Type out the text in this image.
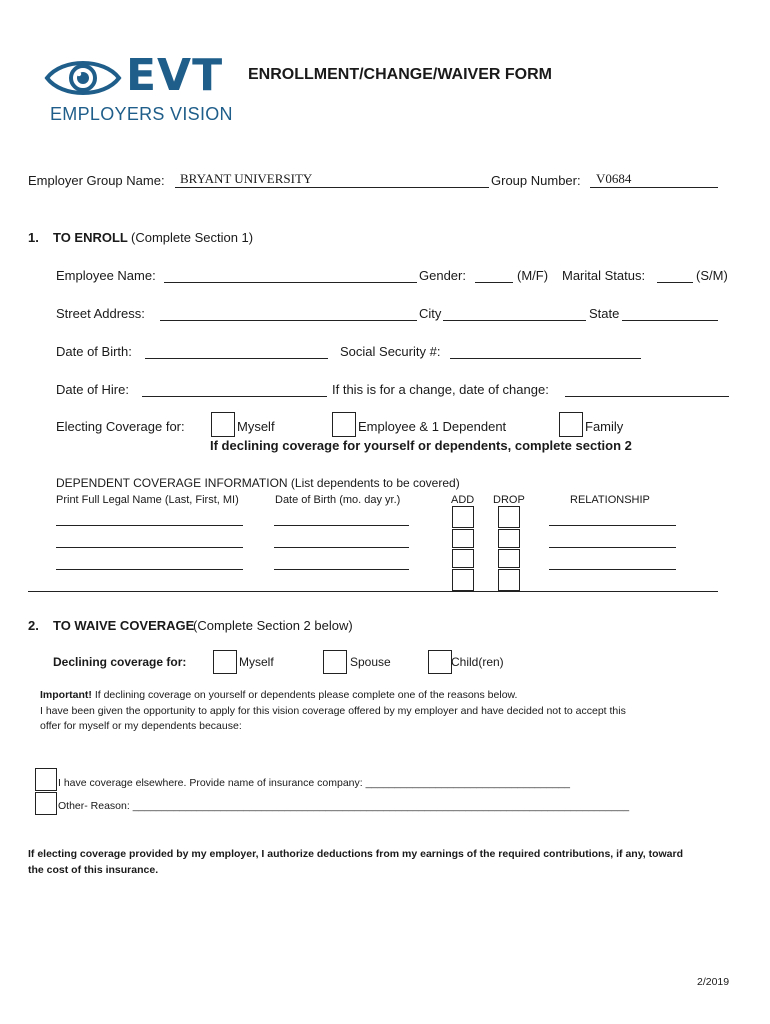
EVT
EMPLOYERS VISION
ENROLLMENT/CHANGE/WAIVER FORM
Employer Group Name: BRYANT UNIVERSITY	Group Number: V0684
1. TO ENROLL (Complete Section 1)
Employee Name:	Gender:	(M/F) Marital Status:	(S/M)
Street Address:	City	State
Date of Birth:	Social Security #:
Date of Hire:	If this is for a change, date of change:
Electing Coverage for:	Myself	Employee & 1 Dependent	Family
If declining coverage for yourself or dependents, complete section 2
DEPENDENT COVERAGE INFORMATION (List dependents to be covered)
Print Full Legal Name (Last, First, MI)	Date of Birth (mo. day yr.)	ADD DROP	RELATIONSHIP
2. TO WAIVE COVERAGE
(Complete Section 2 below)
Declining coverage for:	Myself	Spouse	Child(ren)
Important! If declining coverage on yourself or dependents please complete one of the reasons below.
I have been given the opportunity to apply for this vision coverage offered by my employer and have decided not to accept this
offer for myself or my dependents because:
I have coverage elsewhere. Provide name of insurance company: ___________________________________
Other- Reason: _____________________________________________________________________________________
If electing coverage provided by my employer, I authorize deductions from my earnings of the required contributions, if any, toward
the cost of this insurance.
2/2019
